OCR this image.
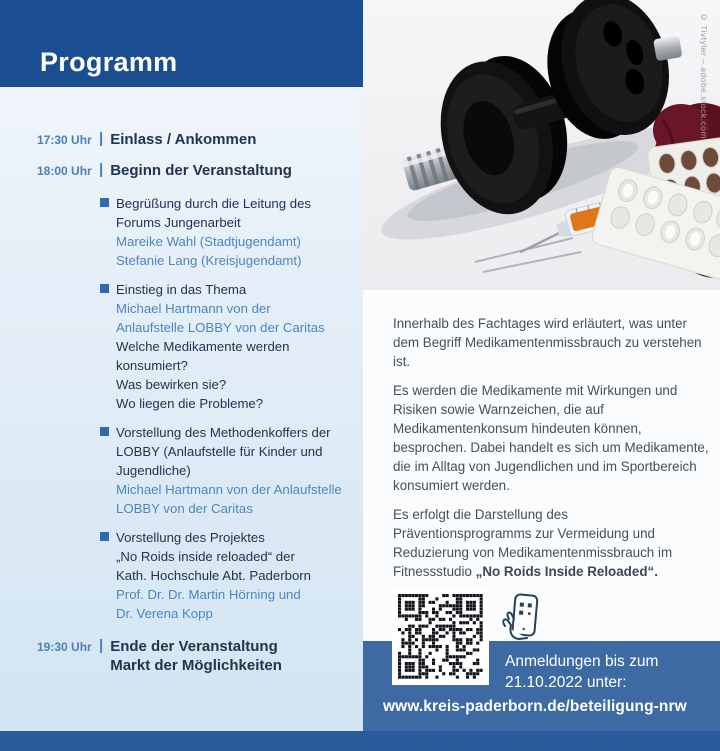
Programm	© Tivtyler – adobe.stock.com
17:30 Uhr | Einlass / Ankommen
18:00 Uhr | Beginn der Veranstaltung
Begrüßung durch die Leitung des
Forums Jungenarbeit
Mareike Wahl (Stadtjugendamt)
Stefanie Lang (Kreisjugendamt)
Einstieg in das Thema
Michael Hartmann von der
Anlaufstelle LOBBY von der Caritas
Welche Medikamente werden konsumiert?
Was bewirken sie?
Wo liegen die Probleme?
Vorstellung des Methodenkoffers der
LOBBY (Anlaufstelle für Kinder und
Jugendliche)
Michael Hartmann von der Anlaufstelle
LOBBY von der Caritas
Vorstellung des Projektes
„No Roids inside reloaded“ der
Kath. Hochschule Abt. Paderborn
Prof. Dr. Dr. Martin Hörning und
Dr. Verena Kopp
19:30 Uhr | Ende der Veranstaltung
Markt der Möglichkeiten

Innerhalb des Fachtages wird erläutert, was unter dem Begriff Medikamentenmissbrauch zu verstehen ist.

Es werden die Medikamente mit Wirkungen und Risiken sowie Warnzeichen, die auf Medikamentenkonsum hindeuten können, besprochen. Dabei handelt es sich um Medikamente, die im Alltag von Jugendlichen und im Sportbereich konsumiert werden.

Es erfolgt die Darstellung des Präventionsprogramms zur Vermeidung und Reduzierung von Medikamentenmissbrauch im Fitnessstudio „No Roids Inside Reloaded“.

Anmeldungen bis zum
21.10.2022 unter:
www.kreis-paderborn.de/beteiligung-nrw
